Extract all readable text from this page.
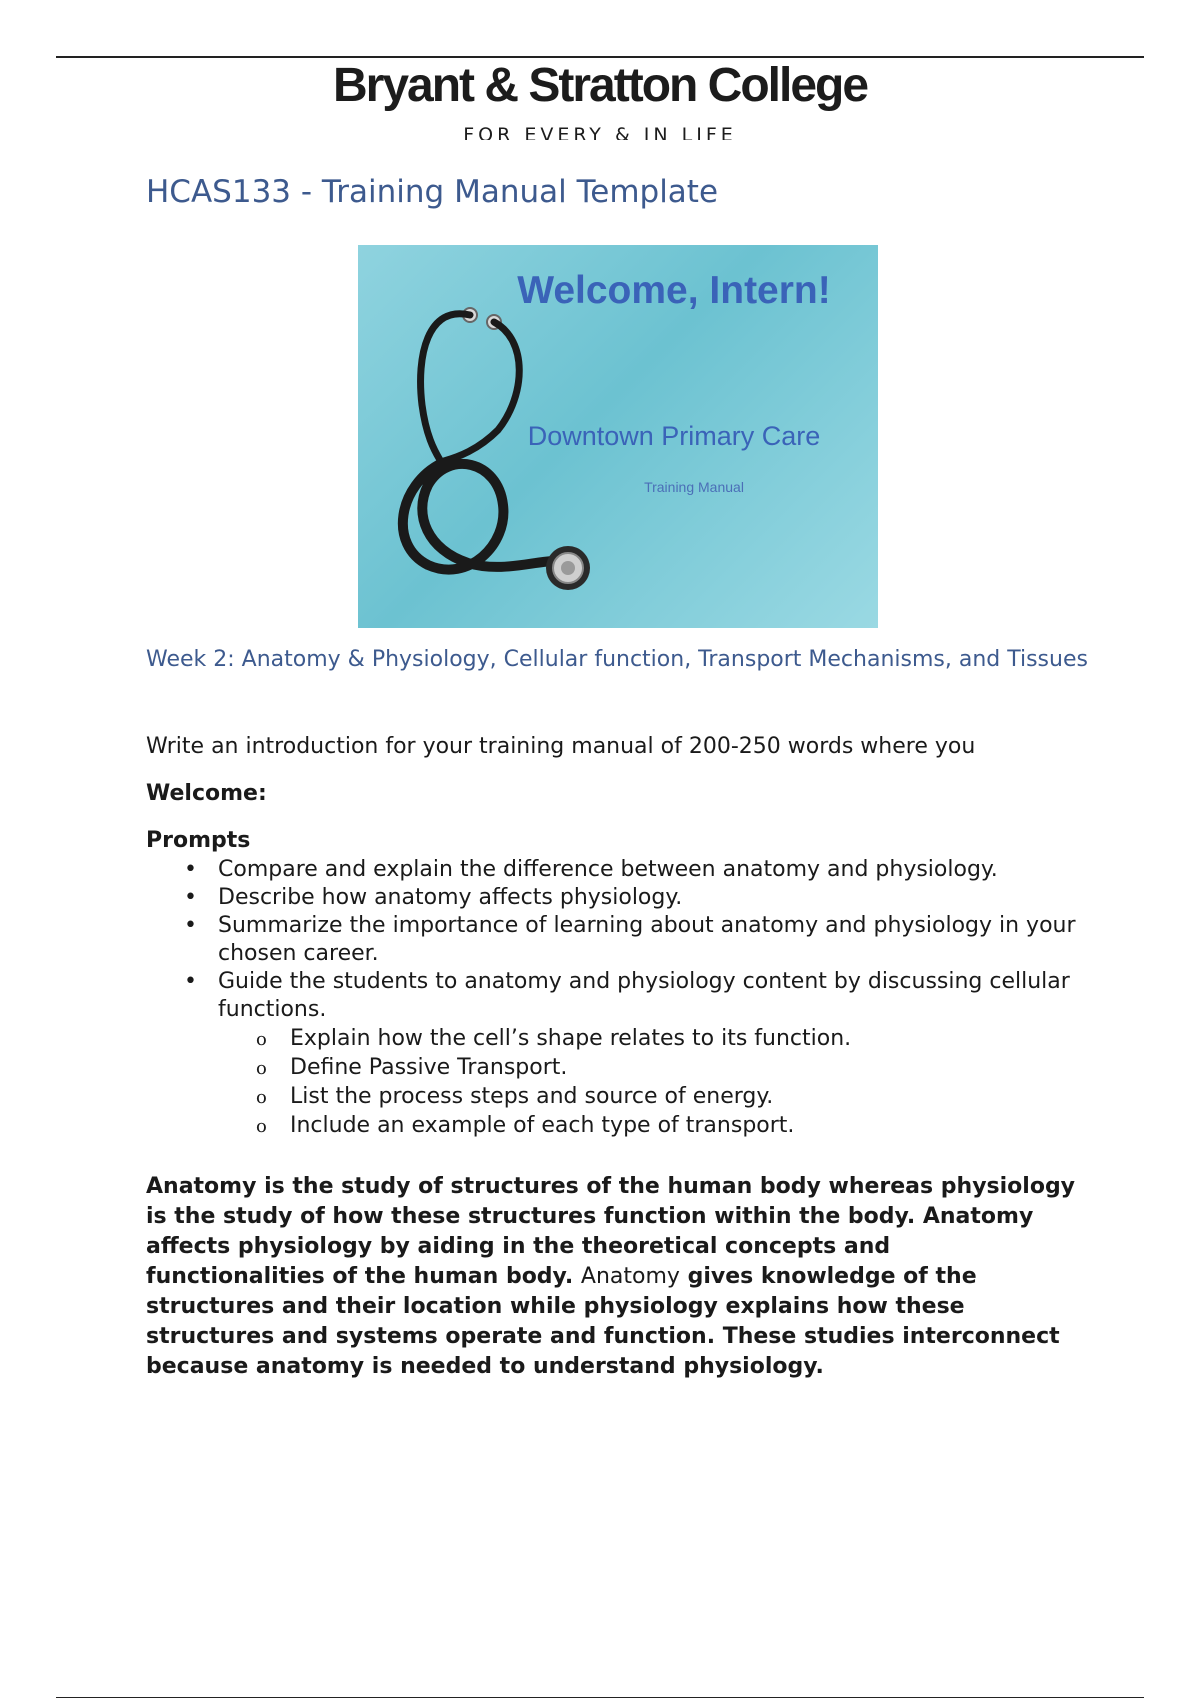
Bryant & Stratton College
FOR EVERY & IN LIFE
HCAS133 - Training Manual Template
Welcome, Intern!
Downtown Primary Care
Training Manual
Week 2: Anatomy & Physiology, Cellular function, Transport Mechanisms, and Tissues

Write an introduction for your training manual of 200-250 words where you

Welcome:

Prompts

• Compare and explain the difference between anatomy and physiology.
• Describe how anatomy affects physiology.
• Summarize the importance of learning about anatomy and physiology in your chosen career.
• Guide the students to anatomy and physiology content by discussing cellular functions.
o Explain how the cell’s shape relates to its function.
o Define Passive Transport.
o List the process steps and source of energy.
o Include an example of each type of transport.

Anatomy is the study of structures of the human body whereas physiology is the study of how these structures function within the body. Anatomy affects physiology by aiding in the theoretical concepts and functionalities of the human body. Anatomy gives knowledge of the structures and their location while physiology explains how these structures and systems operate and function. These studies interconnect because anatomy is needed to understand physiology.
